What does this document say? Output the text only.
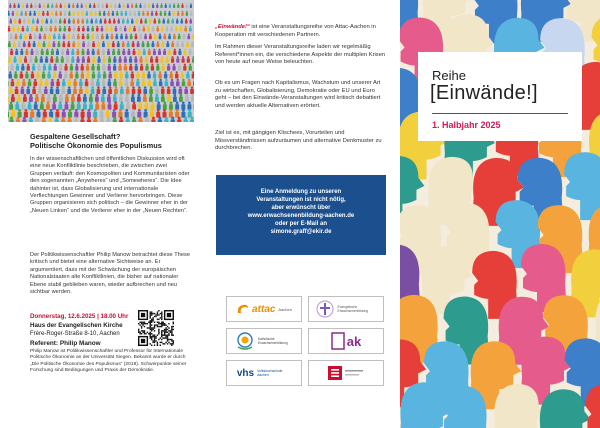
Gespaltene Gesellschaft?
Politische Ökonomie des Populismus

In der wissenschaftlichen und öffentlichen Diskussion wird oft eine neue Konfliktlinie beschrieben, die zwischen zwei Gruppen verläuft: den Kosmopoliten und Kommunitaristen oder den sogenannten „Anywheres“ und „Somewheres“. Die Idee dahinter ist, dass Globalisierung und internationale Verflechtungen Gewinner und Verlierer hervorbringen. Diese Gruppen organisieren sich politisch – die Gewinner eher in der „Neuen Linken“ und die Verlierer eher in der „Neuen Rechten“.

Der Politikwissenschaftler Philip Manow betrachtet diese These kritisch und bietet eine alternative Sichtweise an. Er argumentiert, dass mit der Schwächung der europäischen Nationalstaaten alte Konfliktlinien, die bisher auf nationaler Ebene stabil geblieben waren, wieder aufbrechen und neu sichtbar werden.

Donnerstag, 12.6.2025 | 18.00 Uhr
Haus der Evangelischen Kirche
Frère-Roger-Straße 8-10, Aachen
Referent: Philip Manow

Philip Manow ist Politikwissenschaftler und Professor für Internationale Politische Ökonomie an der Universität Siegen. Bekannt wurde er durch „Die Politische Ökonomie des Populismus“ (2018). Schwerpunkte seiner Forschung sind Bedingungen und Praxis der Demokratie.

„Einwände!“ ist eine Veranstaltungsreihe von Attac-Aachen in Kooperation mit verschiedenen Partnern.

Im Rahmen dieser Veranstaltungsreihe laden wir regelmäßig Referent*innen ein, die verschiedene Aspekte der multiplen Krisen von heute auf neue Weise beleuchten.

Ob es um Fragen nach Kapitalismus, Wachstum und unserer Art zu wirtschaften, Globalisierung, Demokratie oder EU und Euro geht – bei den Einwände-Veranstaltungen wird kritisch debattiert und werden aktuelle Alternativen erörtert.

Ziel ist es, mit gängigen Klischees, Vorurteilen und Missverständnissen aufzuräumen und alternative Denkmuster zu durchbrechen.

Eine Anmeldung zu unseren
Veranstaltungen ist nicht nötig,
aber erwünscht über
www.erwachsenenbildung-aachen.de
oder per E-Mail an
simone.graff@ekir.de
attac Aachen	Evangelische Erwachsenenbildung
Katholische Erwachsenenbildung	ak
vhs Volkshochschule Aachen
Reihe
[Einwände!]
1. Halbjahr 2025
